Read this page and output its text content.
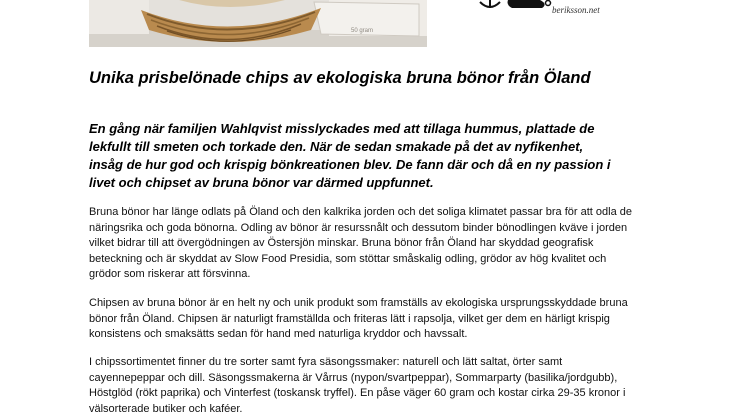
50 gram
beriksson.net
Unika prisbelönade chips av ekologiska bruna bönor från Öland

En gång när familjen Wahlqvist misslyckades med att tillaga hummus, plattade de
lekfullt till smeten och torkade den. När de sedan smakade på det av nyfikenhet,
insåg de hur god och krispig bönkreationen blev. De fann där och då en ny passion i
livet och chipset av bruna bönor var därmed uppfunnet.

Bruna bönor har länge odlats på Öland och den kalkrika jorden och det soliga klimatet passar bra för att odla de
näringsrika och goda bönorna. Odling av bönor är resurssnålt och dessutom binder bönodlingen kväve i jorden
vilket bidrar till att övergödningen av Östersjön minskar. Bruna bönor från Öland har skyddad geografisk
beteckning och är skyddat av Slow Food Presidia, som stöttar småskalig odling, grödor av hög kvalitet och
grödor som riskerar att försvinna.

Chipsen av bruna bönor är en helt ny och unik produkt som framställs av ekologiska ursprungsskyddade bruna
bönor från Öland. Chipsen är naturligt framställda och friteras lätt i rapsolja, vilket ger dem en härligt krispig
konsistens och smaksätts sedan för hand med naturliga kryddor och havssalt.

I chipssortimentet finner du tre sorter samt fyra säsongssmaker: naturell och lätt saltat, örter samt
cayennepeppar och dill. Säsongssmakerna är Vårrus (nypon/svartpeppar), Sommarparty (basilika/jordgubb),
Höstglöd (rökt paprika) och Vinterfest (toskansk tryffel). En påse väger 60 gram och kostar cirka 29-35 kronor i
välsorterade butiker och kaféer.
